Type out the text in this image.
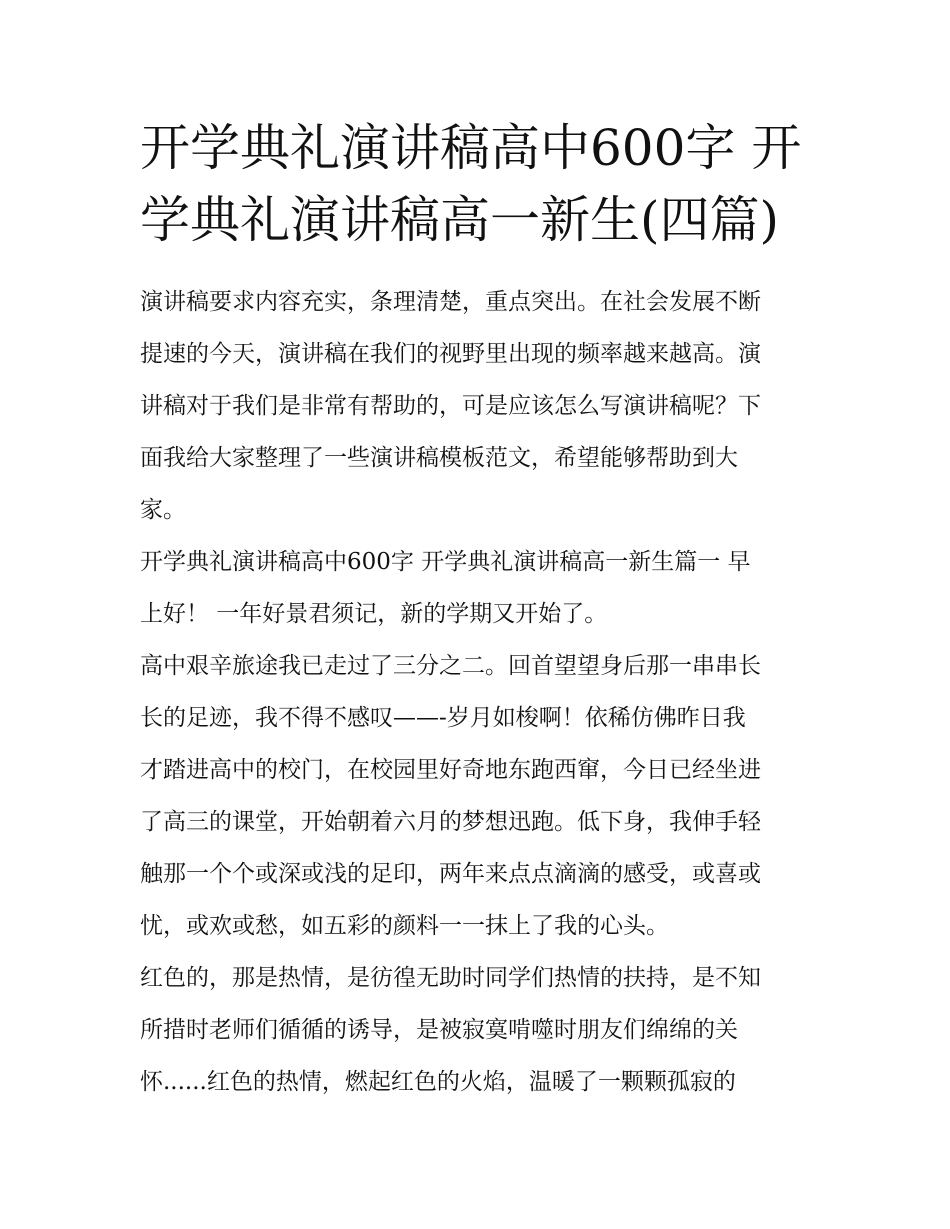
开学典礼演讲稿高中600字 开
学典礼演讲稿高一新生(四篇)

演讲稿要求内容充实，条理清楚，重点突出。在社会发展不断

提速的今天，演讲稿在我们的视野里出现的频率越来越高。演

讲稿对于我们是非常有帮助的，可是应该怎么写演讲稿呢？下

面我给大家整理了一些演讲稿模板范文，希望能够帮助到大

家。

开学典礼演讲稿高中600字 开学典礼演讲稿高一新生篇一 早

上好！ 一年好景君须记，新的学期又开始了。

高中艰辛旅途我已走过了三分之二。回首望望身后那一串串长

长的足迹，我不得不感叹——-岁月如梭啊！依稀仿佛昨日我

才踏进高中的校门，在校园里好奇地东跑西窜，今日已经坐进

了高三的课堂，开始朝着六月的梦想迅跑。低下身，我伸手轻

触那一个个或深或浅的足印，两年来点点滴滴的感受，或喜或

忧，或欢或愁，如五彩的颜料一一抹上了我的心头。

红色的，那是热情，是彷徨无助时同学们热情的扶持，是不知

所措时老师们循循的诱导，是被寂寞啃噬时朋友们绵绵的关

怀......红色的热情，燃起红色的火焰，温暖了一颗颗孤寂的
